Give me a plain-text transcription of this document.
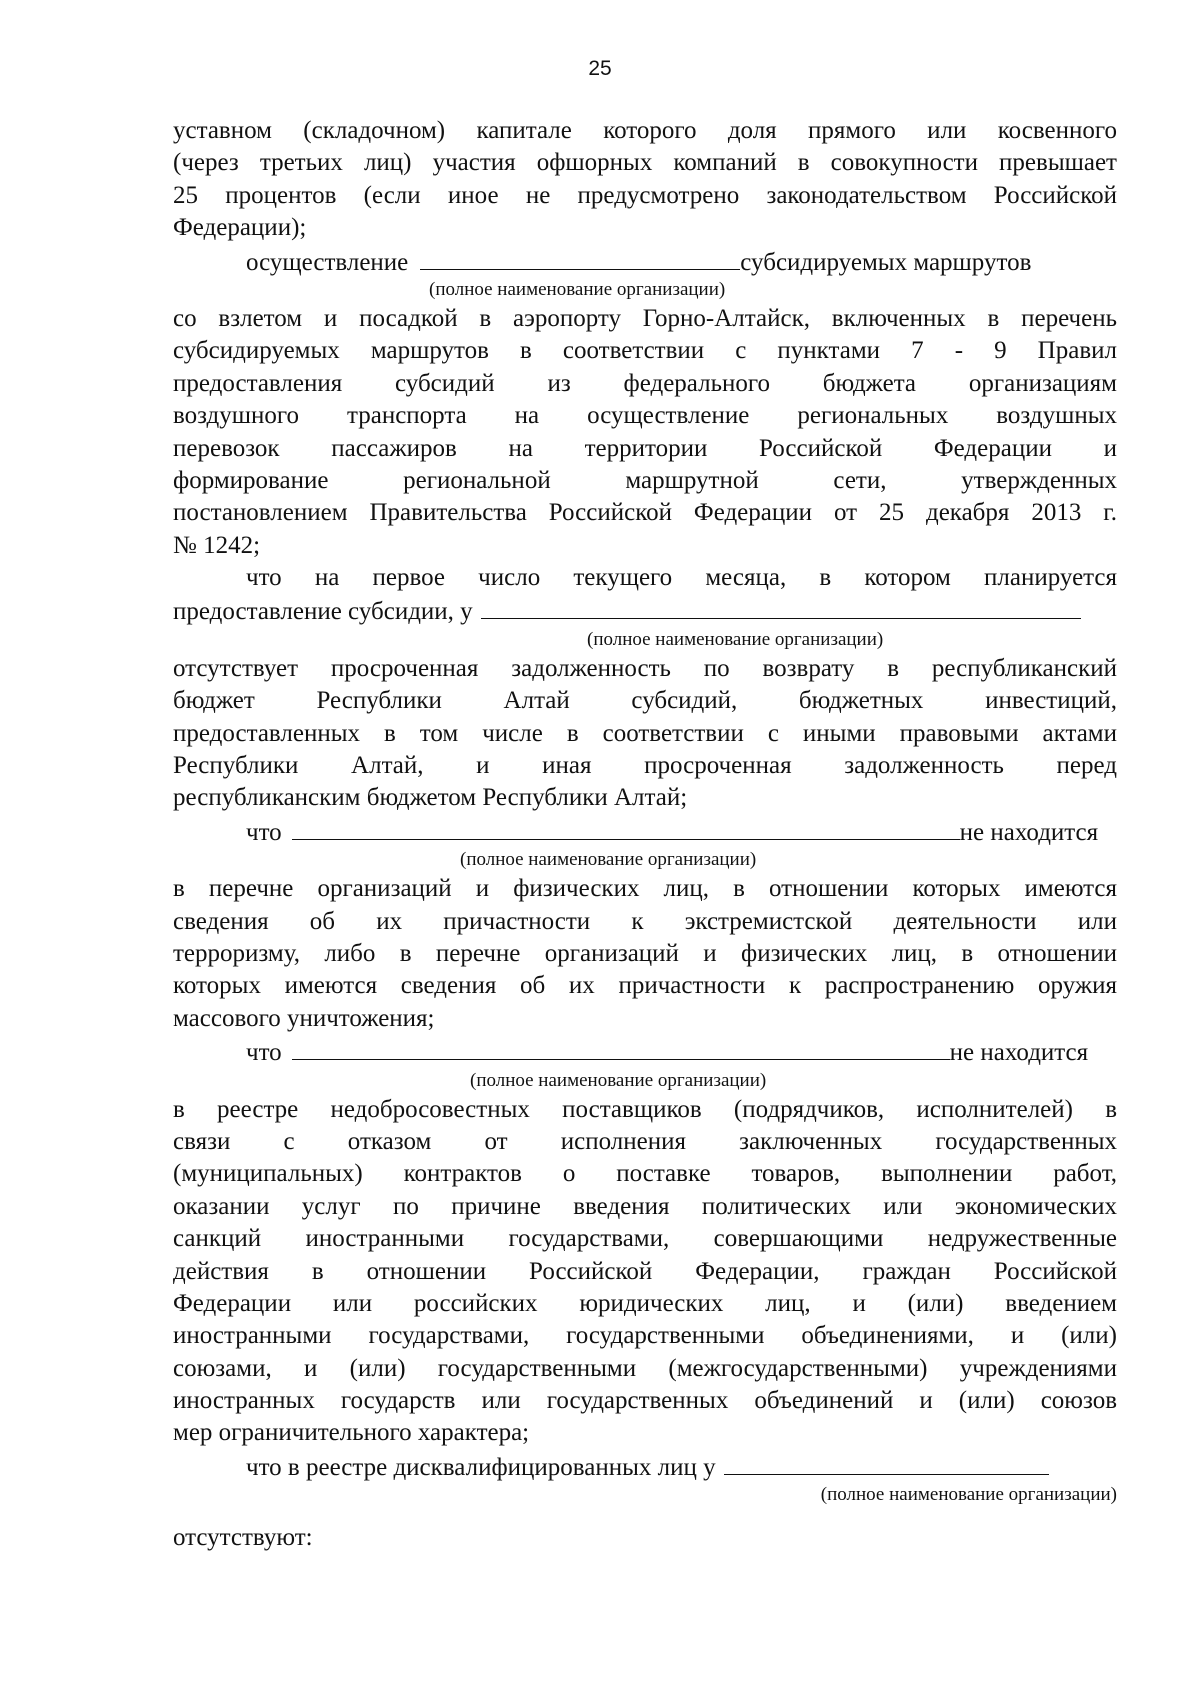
25
уставном (складочном) капитале которого доля прямого или косвенного
(через третьих лиц) участия офшорных компаний в совокупности превышает
25 процентов (если иное не предусмотрено законодательством Российской
Федерации);
осуществление	субсидируемых маршрутов
(полное наименование организации)
со взлетом и посадкой в аэропорту Горно-Алтайск, включенных в перечень
субсидируемых маршрутов в соответствии с пунктами 7 - 9 Правил
предоставления субсидий из федерального бюджета организациям
воздушного транспорта на осуществление региональных воздушных
перевозок пассажиров на территории Российской Федерации и
формирование региональной маршрутной сети, утвержденных
постановлением Правительства Российской Федерации от 25 декабря 2013 г.
№ 1242;
что на первое число текущего месяца, в котором планируется
предоставление субсидии, у
(полное наименование организации)
отсутствует просроченная задолженность по возврату в республиканский
бюджет Республики Алтай субсидий, бюджетных инвестиций,
предоставленных в том числе в соответствии с иными правовыми актами
Республики Алтай, и иная просроченная задолженность перед
республиканским бюджетом Республики Алтай;
что	не находится
(полное наименование организации)
в перечне организаций и физических лиц, в отношении которых имеются
сведения об их причастности к экстремистской деятельности или
терроризму, либо в перечне организаций и физических лиц, в отношении
которых имеются сведения об их причастности к распространению оружия
массового уничтожения;
что	не находится
(полное наименование организации)
в реестре недобросовестных поставщиков (подрядчиков, исполнителей) в
связи с отказом от исполнения заключенных государственных
(муниципальных) контрактов о поставке товаров, выполнении работ,
оказании услуг по причине введения политических или экономических
санкций иностранными государствами, совершающими недружественные
действия в отношении Российской Федерации, граждан Российской
Федерации или российских юридических лиц, и (или) введением
иностранными государствами, государственными объединениями, и (или)
союзами, и (или) государственными (межгосударственными) учреждениями
иностранных государств или государственных объединений и (или) союзов
мер ограничительного характера;
что в реестре дисквалифицированных лиц у
(полное наименование организации)
отсутствуют:
